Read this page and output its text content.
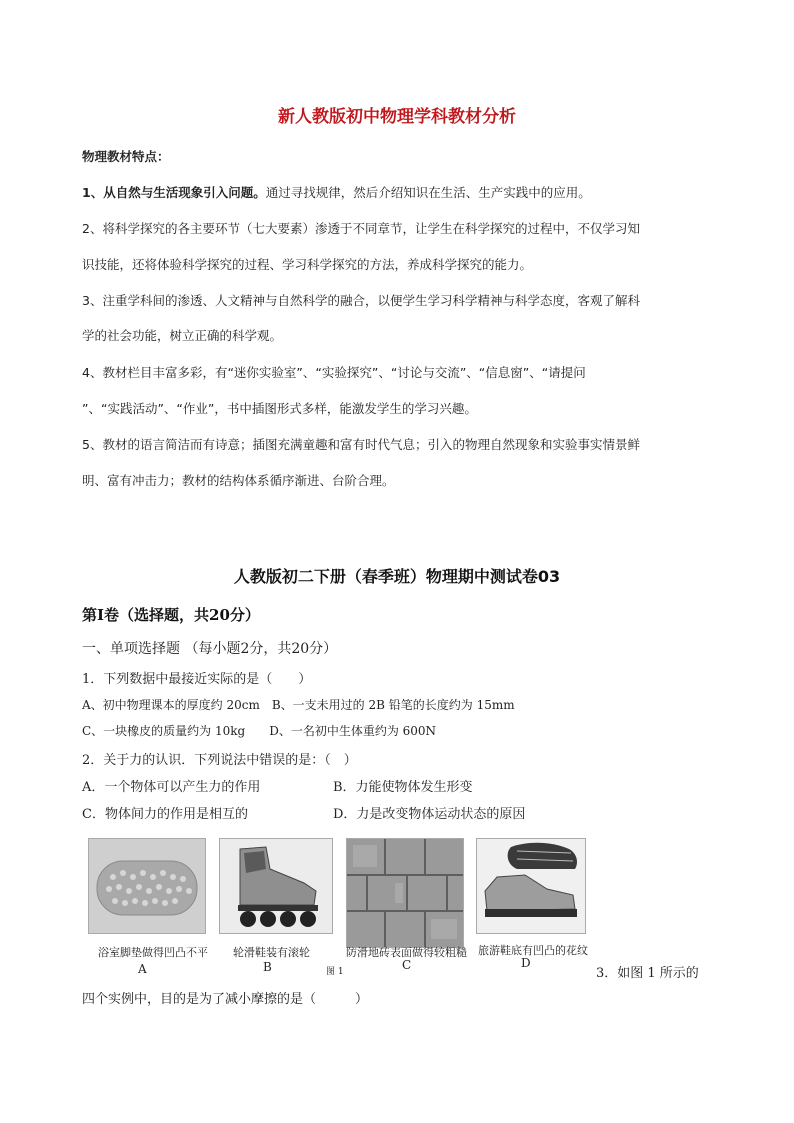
新人教版初中物理学科教材分析
物理教材特点：
1、从自然与生活现象引入问题。通过寻找规律，然后介绍知识在生活、生产实践中的应用。
2、将科学探究的各主要环节（七大要素）渗透于不同章节，让学生在科学探究的过程中，不仅学习知
识技能，还将体验科学探究的过程、学习科学探究的方法，养成科学探究的能力。
3、注重学科间的渗透、人文精神与自然科学的融合，以便学生学习科学精神与科学态度，客观了解科
学的社会功能，树立正确的科学观。
4、教材栏目丰富多彩，有“迷你实验室”、“实验探究”、“讨论与交流”、“信息窗”、“请提问
”、“实践活动”、“作业”，书中插图形式多样，能激发学生的学习兴趣。
5、教材的语言简洁而有诗意；插图充满童趣和富有时代气息；引入的物理自然现象和实验事实情景鲜
明、富有冲击力；教材的结构体系循序渐进、台阶合理。
人教版初二下册（春季班）物理期中测试卷03
第Ⅰ卷（选择题，共20分）
一、单项选择题 （每小题2分，共20分）
1．下列数据中最接近实际的是（　　）
A、初中物理课本的厚度约 20cm　B、一支未用过的 2B 铅笔的长度约为 15mm
C、一块橡皮的质量约为 10kg　　D、一名初中生体重约为 600N
2．关于力的认识．下列说法中错误的是：（　）
A．一个物体可以产生力的作用	B．力能使物体发生形变
C．物体间力的作用是相互的	D．力是改变物体运动状态的原因
浴室脚垫做得凹凸不平 轮滑鞋装有滚轮	防滑地砖表面做得较粗糙 旅游鞋底有凹凸的花纹
A	B	图 1	C	D
3．如图 1 所示的
四个实例中，目的是为了减小摩擦的是（　　　）
